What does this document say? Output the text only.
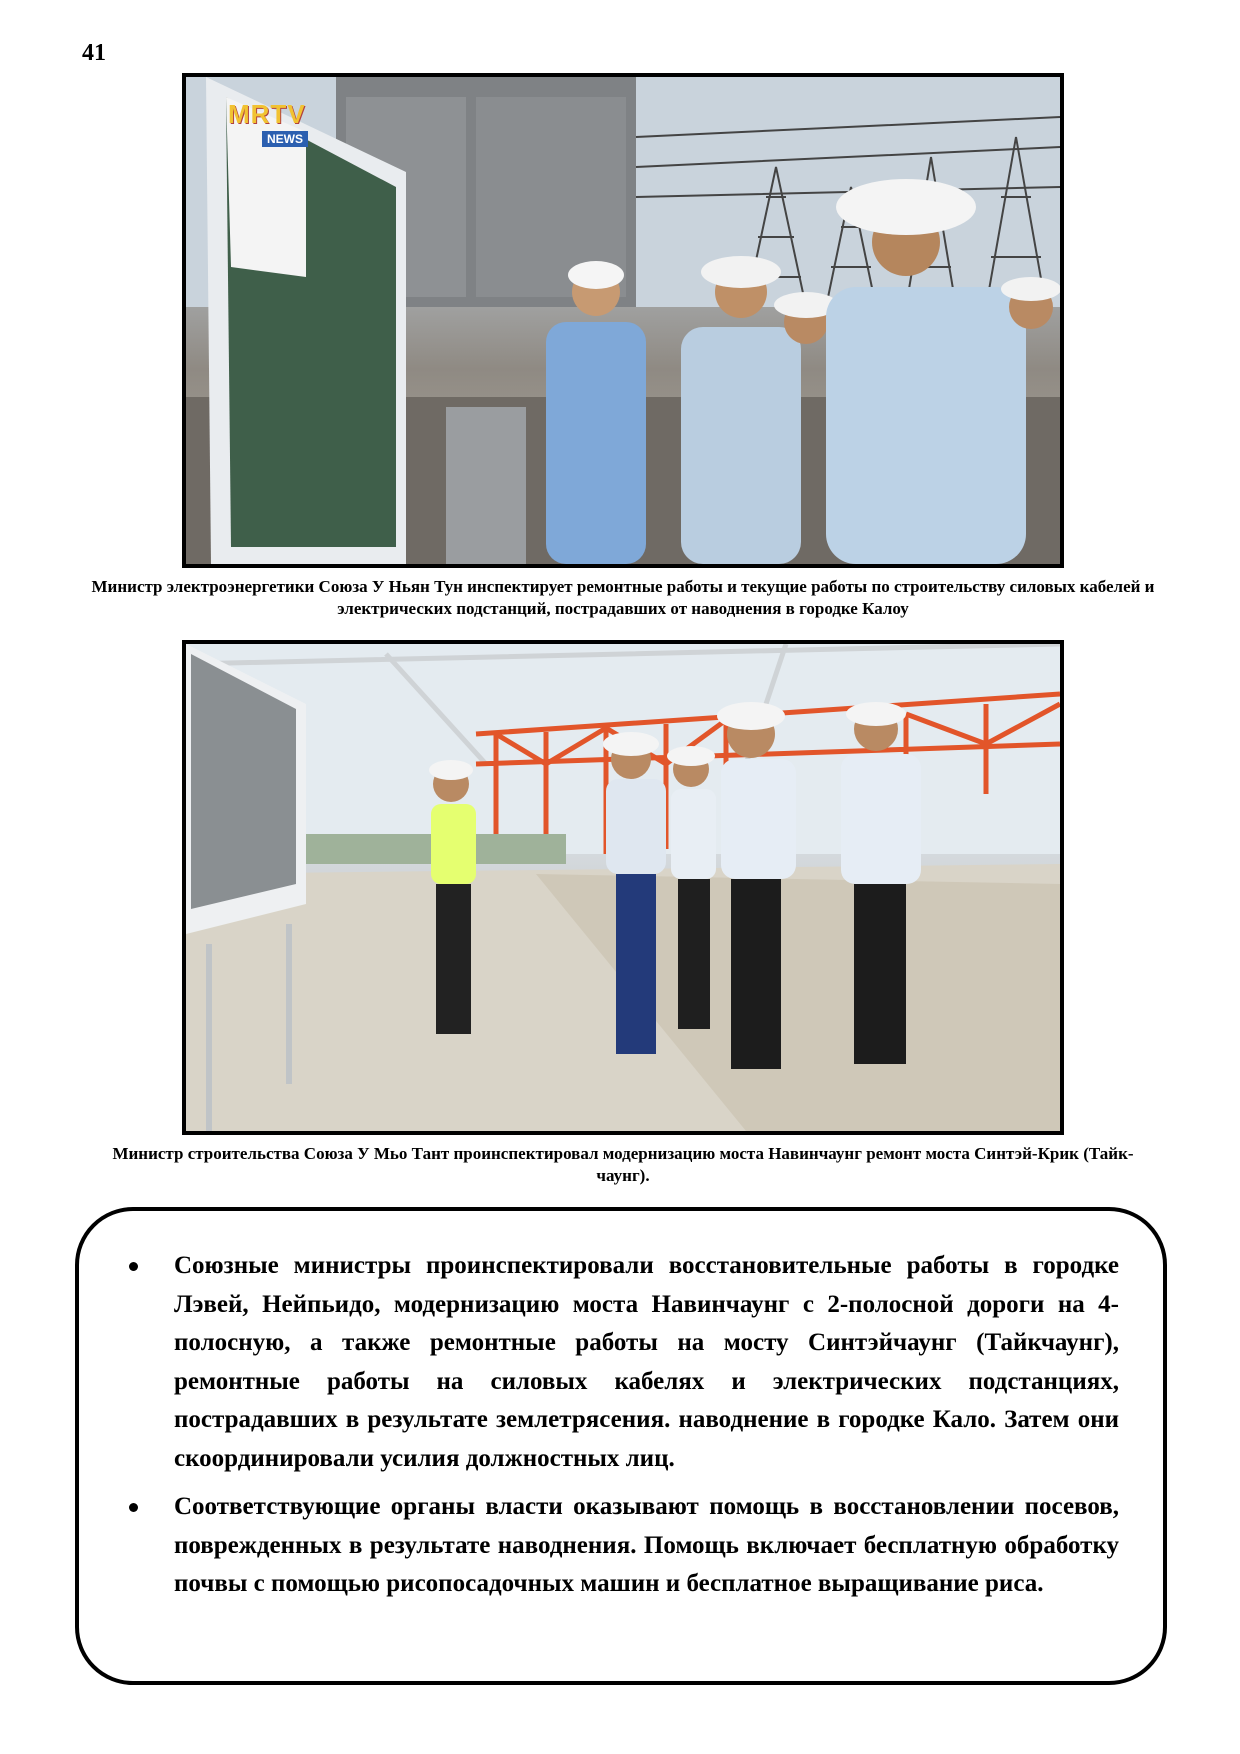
41
MRTV
NEWS
Министр электроэнергетики Союза У Ньян Тун инспектирует ремонтные работы и текущие работы по строительству силовых кабелей и электрических подстанций, пострадавших от наводнения в городке Калоу
Министр строительства Союза У Мьо Тант проинспектировал модернизацию моста Навинчаунг ремонт моста Синтэй-Крик (Тайк-чаунг).
Союзные министры проинспектировали восстановительные работы в городке Лэвей, Нейпьидо, модернизацию моста Навинчаунг с 2-полосной дороги на 4-полосную, а также ремонтные работы на мосту Синтэйчаунг (Тайкчаунг), ремонтные работы на силовых кабелях и электрических подстанциях, пострадавших в результате землетрясения. наводнение в городке Кало. Затем они скоординировали усилия должностных лиц.
Соответствующие органы власти оказывают помощь в восстановлении посевов, поврежденных в результате наводнения. Помощь включает бесплатную обработку почвы с помощью рисопосадочных машин и бесплатное выращивание риса.
